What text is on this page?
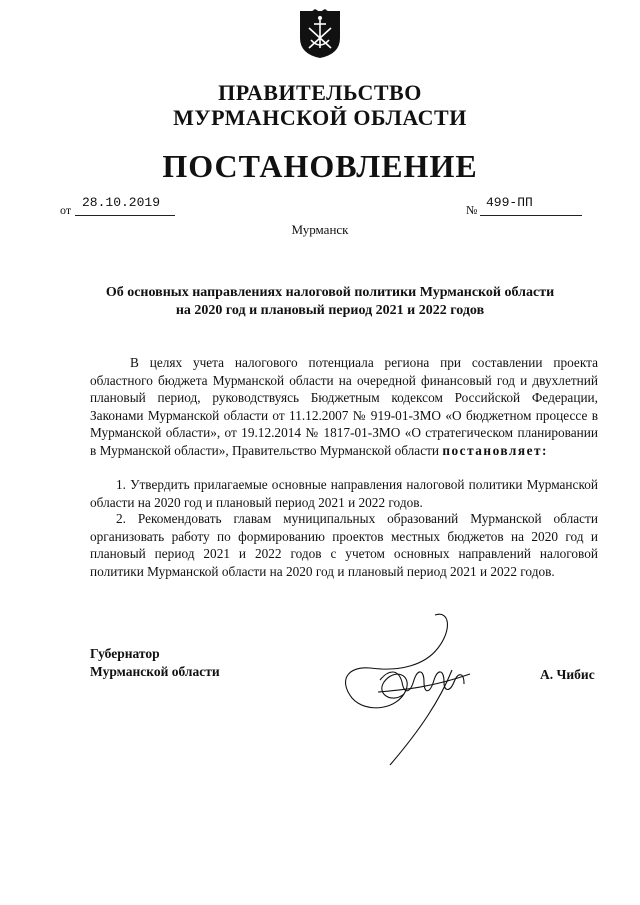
ПРАВИТЕЛЬСТВО
МУРМАНСКОЙ ОБЛАСТИ
ПОСТАНОВЛЕНИЕ
от 28.10.2019	№ 499-ПП
Мурманск
Об основных направлениях налоговой политики Мурманской области
на 2020 год и плановый период 2021 и 2022 годов
В целях учета налогового потенциала региона при составлении проекта областного бюджета Мурманской области на очередной финансовый год и двухлетний плановый период, руководствуясь Бюджетным кодексом Российской Федерации, Законами Мурманской области от 11.12.2007 № 919-01-ЗМО «О бюджетном процессе в Мурманской области», от 19.12.2014 № 1817-01-ЗМО «О стратегическом планировании в Мурманской области», Правительство Мурманской области постановляет:
1. Утвердить прилагаемые основные направления налоговой политики Мурманской области на 2020 год и плановый период 2021 и 2022 годов.
2. Рекомендовать главам муниципальных образований Мурманской области организовать работу по формированию проектов местных бюджетов на 2020 год и плановый период 2021 и 2022 годов с учетом основных направлений налоговой политики Мурманской области на 2020 год и плановый период 2021 и 2022 годов.
Губернатор
Мурманской области	А. Чибис
